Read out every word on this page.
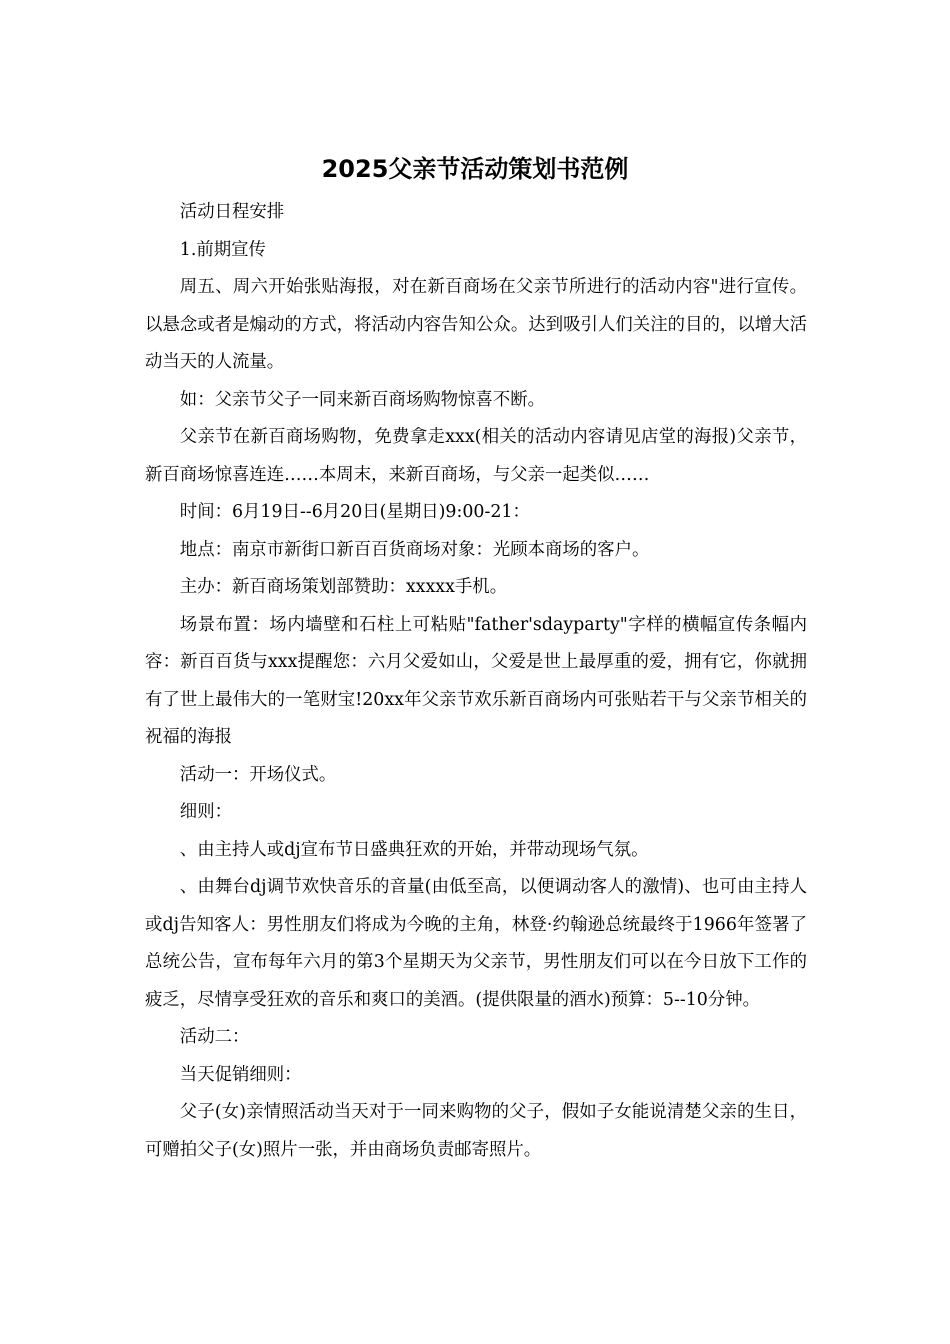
2025父亲节活动策划书范例

活动日程安排

1.前期宣传

周五、周六开始张贴海报，对在新百商场在父亲节所进行的活动内容"进行宣传。以悬念或者是煽动的方式，将活动内容告知公众。达到吸引人们关注的目的，以增大活动当天的人流量。

如：父亲节父子一同来新百商场购物惊喜不断。

父亲节在新百商场购物，免费拿走xxx(相关的活动内容请见店堂的海报)父亲节，新百商场惊喜连连……本周末，来新百商场，与父亲一起类似……

时间：6月19日--6月20日(星期日)9:00-21：

地点：南京市新街口新百百货商场对象：光顾本商场的客户。

主办：新百商场策划部赞助：xxxxx手机。

场景布置：场内墙壁和石柱上可粘贴"father'sdayparty"字样的横幅宣传条幅内容：新百百货与xxx提醒您：六月父爱如山，父爱是世上最厚重的爱，拥有它，你就拥有了世上最伟大的一笔财宝!20xx年父亲节欢乐新百商场内可张贴若干与父亲节相关的祝福的海报

活动一：开场仪式。

细则：

、由主持人或dj宣布节日盛典狂欢的开始，并带动现场气氛。

、由舞台dj调节欢快音乐的音量(由低至高，以便调动客人的激情)、也可由主持人或dj告知客人：男性朋友们将成为今晚的主角，林登·约翰逊总统最终于1966年签署了总统公告，宣布每年六月的第3个星期天为父亲节，男性朋友们可以在今日放下工作的疲乏，尽情享受狂欢的音乐和爽口的美酒。(提供限量的酒水)预算：5--10分钟。

活动二：

当天促销细则：

父子(女)亲情照活动当天对于一同来购物的父子，假如子女能说清楚父亲的生日，可赠拍父子(女)照片一张，并由商场负责邮寄照片。
